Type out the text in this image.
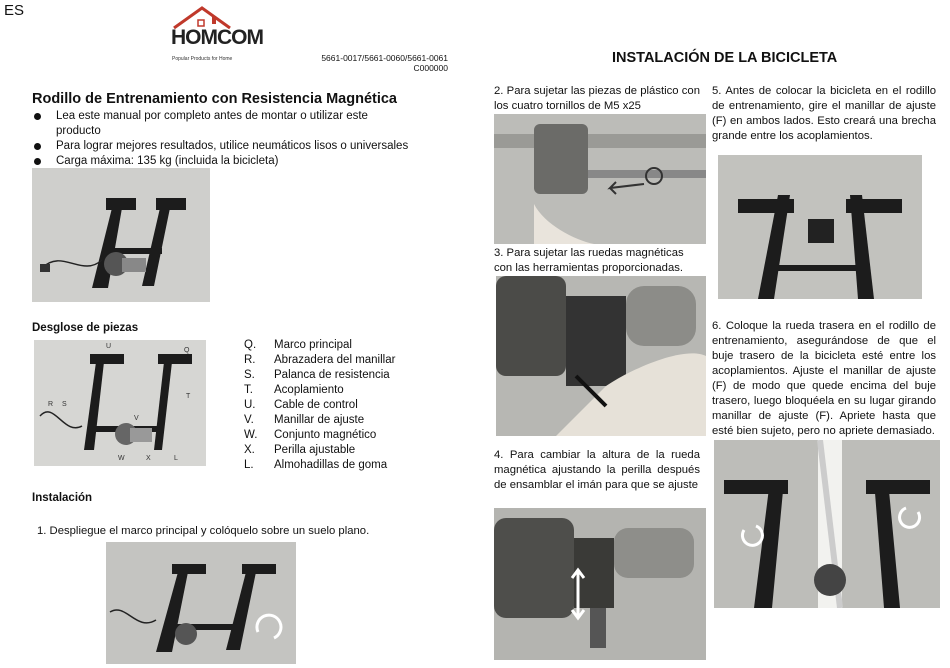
ES
HOMCOM
Popular Products for Home	5661-0017/5661-0060/5661-0061
C000000
INSTALACIÓN DE LA BICICLETA
Rodillo de Entrenamiento con Resistencia Magnética
Lea este manual por completo antes de montar o utilizar este producto
Para lograr mejores resultados, utilice neumáticos lisos o universales
Carga máxima: 135 kg (incluida la bicicleta)
Desglose de piezas
Q
R S
T
U
V
W	X	L
Q.	Marco principal
R.	Abrazadera del manillar
S.	Palanca de resistencia
T.	Acoplamiento
U.	Cable de control
V.	Manillar de ajuste
W.	Conjunto magnético
X.	Perilla ajustable
L.	Almohadillas de goma
Instalación
1. Despliegue el marco principal y colóquelo sobre un suelo plano.
2. Para sujetar las piezas de plástico con los cuatro tornillos de M5 x25
3. Para sujetar las ruedas magnéticas con las herramientas proporcionadas.
4. Para cambiar la altura de la rueda magnética ajustando la perilla después de ensamblar el imán para que se ajuste
5. Antes de colocar la bicicleta en el rodillo de entrenamiento, gire el manillar de ajuste (F) en ambos lados. Esto creará una brecha grande entre los acoplamientos.
6. Coloque la rueda trasera en el rodillo de entrenamiento, asegurándose de que el buje trasero de la bicicleta esté entre los acoplamientos. Ajuste el manillar de ajuste (F) de modo que quede encima del buje trasero, luego bloquéela en su lugar girando manillar de ajuste (F). Apriete hasta que esté bien sujeto, pero no apriete demasiado.
